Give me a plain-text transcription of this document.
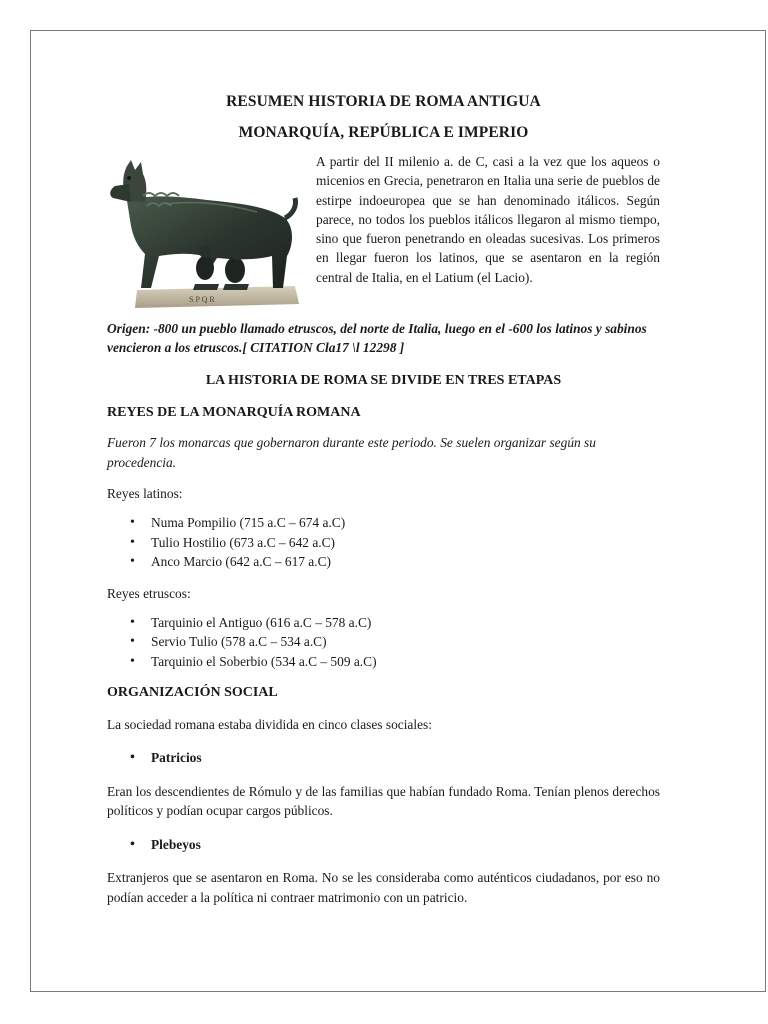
RESUMEN HISTORIA DE ROMA ANTIGUA
MONARQUÍA, REPÚBLICA E IMPERIO
S P Q R

A partir del II milenio a. de C, casi a la vez que los aqueos o micenios en Grecia, penetraron en Italia una serie de pueblos de estirpe indoeuropea que se han denominado itálicos. Según parece, no todos los pueblos itálicos llegaron al mismo tiempo, sino que fueron penetrando en oleadas sucesivas. Los primeros en llegar fueron los latinos, que se asentaron en la región central de Italia, en el Latium (el Lacio).

Origen: -800 un pueblo llamado etruscos, del norte de Italia, luego en el -600 los latinos y sabinos vencieron a los etruscos.[ CITATION Cla17 \l 12298 ]

LA HISTORIA DE ROMA SE DIVIDE EN TRES ETAPAS
REYES DE LA MONARQUÍA ROMANA

Fueron 7 los monarcas que gobernaron durante este periodo. Se suelen organizar según su procedencia.

Reyes latinos:

• Numa Pompilio (715 a.C – 674 a.C)
• Tulio Hostilio (673 a.C – 642 a.C)
• Anco Marcio (642 a.C – 617 a.C)

Reyes etruscos:

• Tarquinio el Antiguo (616 a.C – 578 a.C)
• Servio Tulio (578 a.C – 534 a.C)
• Tarquinio el Soberbio (534 a.C – 509 a.C)
ORGANIZACIÓN SOCIAL

La sociedad romana estaba dividida en cinco clases sociales:

• Patricios

Eran los descendientes de Rómulo y de las familias que habían fundado Roma. Tenían plenos derechos políticos y podían ocupar cargos públicos.

• Plebeyos

Extranjeros que se asentaron en Roma. No se les consideraba como auténticos ciudadanos, por eso no podían acceder a la política ni contraer matrimonio con un patricio.
